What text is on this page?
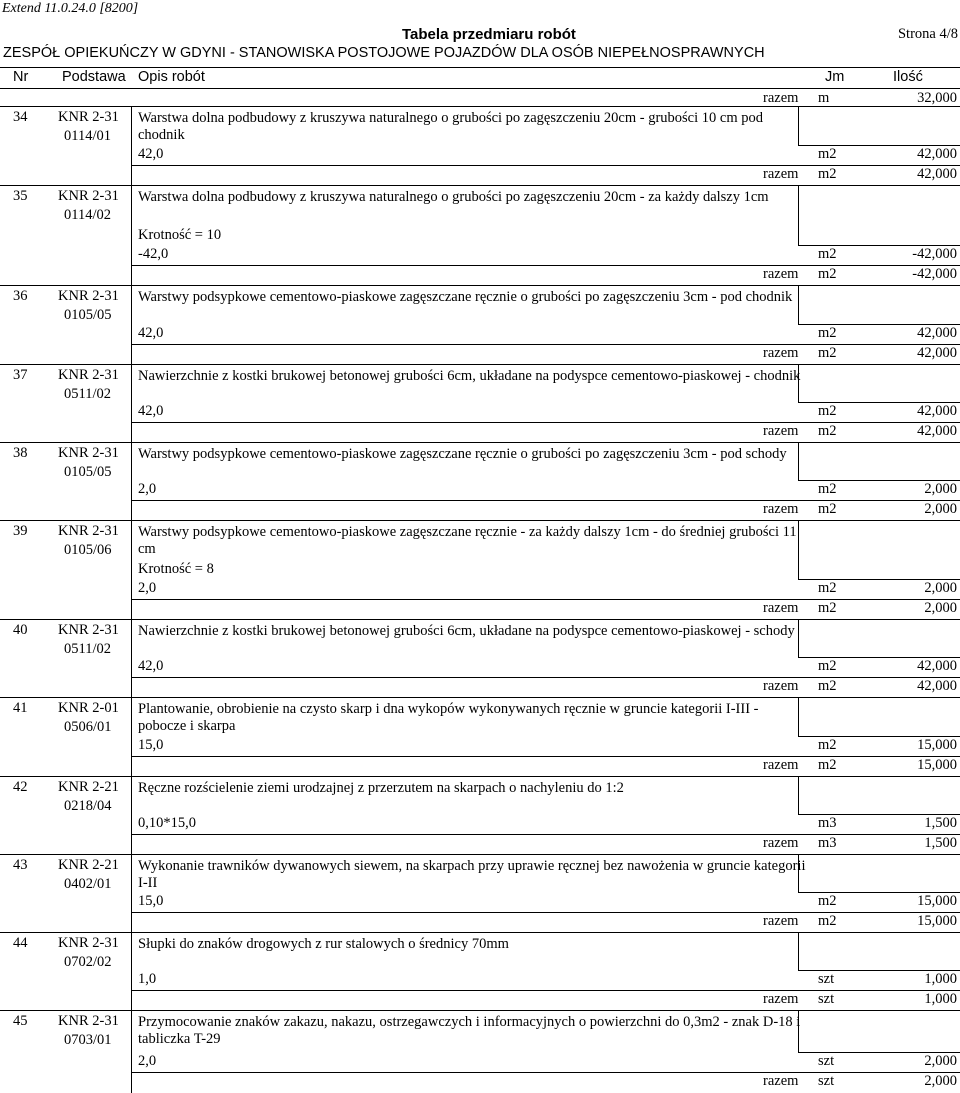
Extend 11.0.24.0 [8200]
Tabela przedmiaru robót	Strona 4/8
ZESPÓŁ OPIEKUŃCZY W GDYNI - STANOWISKA POSTOJOWE POJAZDÓW DLA OSÓB NIEPEŁNOSPRAWNYCH
Nr Podstawa Opis robót	Jm	Ilość
razem m	32,000
34 KNR 2-31
0114/01
Warstwa dolna podbudowy z kruszywa naturalnego o grubości po zagęszczeniu 20cm - grubości 10 cm pod chodnik
42,0	m2	42,000
razem m2	42,000
35 KNR 2-31
0114/02
Warstwa dolna podbudowy z kruszywa naturalnego o grubości po zagęszczeniu 20cm - za każdy dalszy 1cm
Krotność = 10
-42,0	m2	-42,000
razem m2	-42,000
36 KNR 2-31
0105/05
Warstwy podsypkowe cementowo-piaskowe zagęszczane ręcznie o grubości po zagęszczeniu 3cm - pod chodnik
42,0	m2	42,000
razem m2	42,000
37 KNR 2-31
0511/02
Nawierzchnie z kostki brukowej betonowej grubości 6cm, układane na podyspce cementowo-piaskowej - chodnik
42,0	m2	42,000
razem m2	42,000
38 KNR 2-31
0105/05
Warstwy podsypkowe cementowo-piaskowe zagęszczane ręcznie o grubości po zagęszczeniu 3cm - pod schody
2,0	m2	2,000
razem m2	2,000
39 KNR 2-31
0105/06
Warstwy podsypkowe cementowo-piaskowe zagęszczane ręcznie - za każdy dalszy 1cm - do średniej grubości 11 cm
Krotność = 8
2,0	m2	2,000
razem m2	2,000
40 KNR 2-31
0511/02
Nawierzchnie z kostki brukowej betonowej grubości 6cm, układane na podyspce cementowo-piaskowej - schody
42,0	m2	42,000
razem m2	42,000
41 KNR 2-01
0506/01
Plantowanie, obrobienie na czysto skarp i dna wykopów wykonywanych ręcznie w gruncie kategorii I-III - pobocze i skarpa
15,0	m2	15,000
razem m2	15,000
42 KNR 2-21
0218/04
Ręczne rozścielenie ziemi urodzajnej z przerzutem na skarpach o nachyleniu do 1:2
0,10*15,0	m3	1,500
razem m3	1,500
43 KNR 2-21
0402/01
Wykonanie trawników dywanowych siewem, na skarpach przy uprawie ręcznej bez nawożenia w gruncie kategorii I-II
15,0	m2	15,000
razem m2	15,000
44 KNR 2-31
0702/02
Słupki do znaków drogowych z rur stalowych o średnicy 70mm
1,0	szt	1,000
razem szt	1,000
45 KNR 2-31
0703/01
Przymocowanie znaków zakazu, nakazu, ostrzegawczych i informacyjnych o powierzchni do 0,3m2 - znak D-18 i tabliczka T-29
2,0	szt	2,000
razem szt	2,000
